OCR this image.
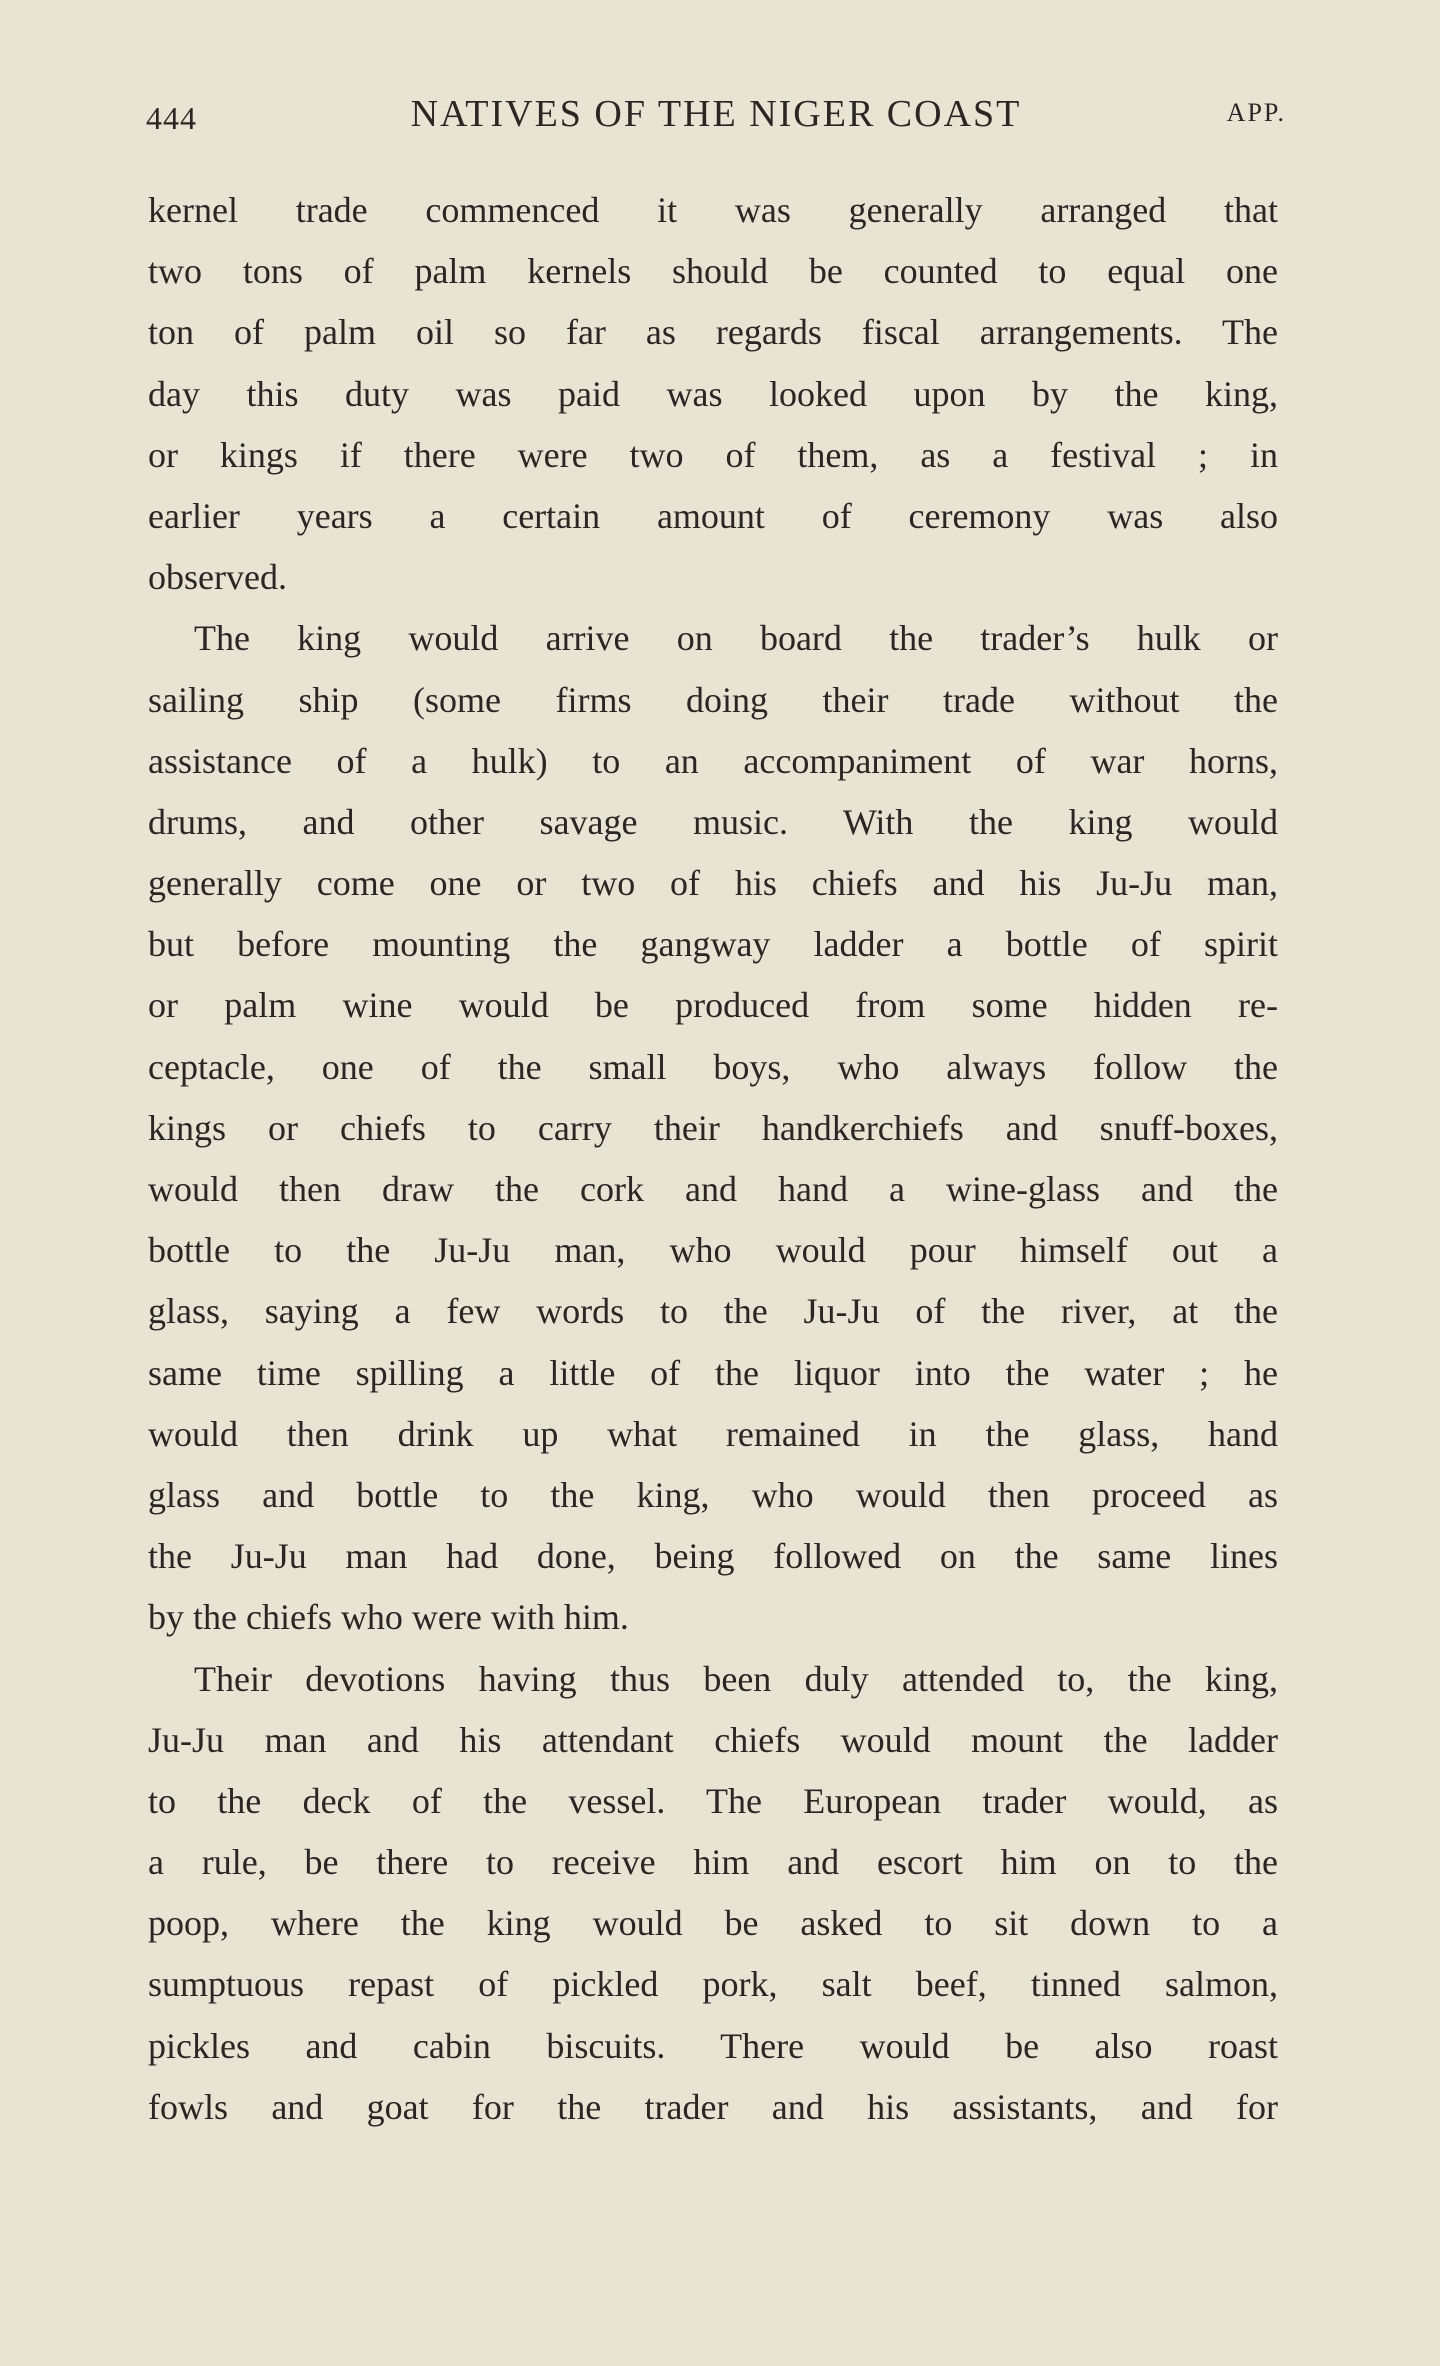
444	NATIVES OF THE NIGER COAST	APP.
kernel trade commenced it was generally arranged that
two tons of palm kernels should be counted to equal one
ton of palm oil so far as regards fiscal arrangements. The
day this duty was paid was looked upon by the king,
or kings if there were two of them, as a festival ; in
earlier years a certain amount of ceremony was also
observed.
The king would arrive on board the trader’s hulk or
sailing ship (some firms doing their trade without the
assistance of a hulk) to an accompaniment of war horns,
drums, and other savage music. With the king would
generally come one or two of his chiefs and his Ju-Ju man,
but before mounting the gangway ladder a bottle of spirit
or palm wine would be produced from some hidden re-
ceptacle, one of the small boys, who always follow the
kings or chiefs to carry their handkerchiefs and snuff-boxes,
would then draw the cork and hand a wine-glass and the
bottle to the Ju-Ju man, who would pour himself out a
glass, saying a few words to the Ju-Ju of the river, at the
same time spilling a little of the liquor into the water ; he
would then drink up what remained in the glass, hand
glass and bottle to the king, who would then proceed as
the Ju-Ju man had done, being followed on the same lines
by the chiefs who were with him.
Their devotions having thus been duly attended to, the king,
Ju-Ju man and his attendant chiefs would mount the ladder
to the deck of the vessel. The European trader would, as
a rule, be there to receive him and escort him on to the
poop, where the king would be asked to sit down to a
sumptuous repast of pickled pork, salt beef, tinned salmon,
pickles and cabin biscuits. There would be also roast
fowls and goat for the trader and his assistants, and for
